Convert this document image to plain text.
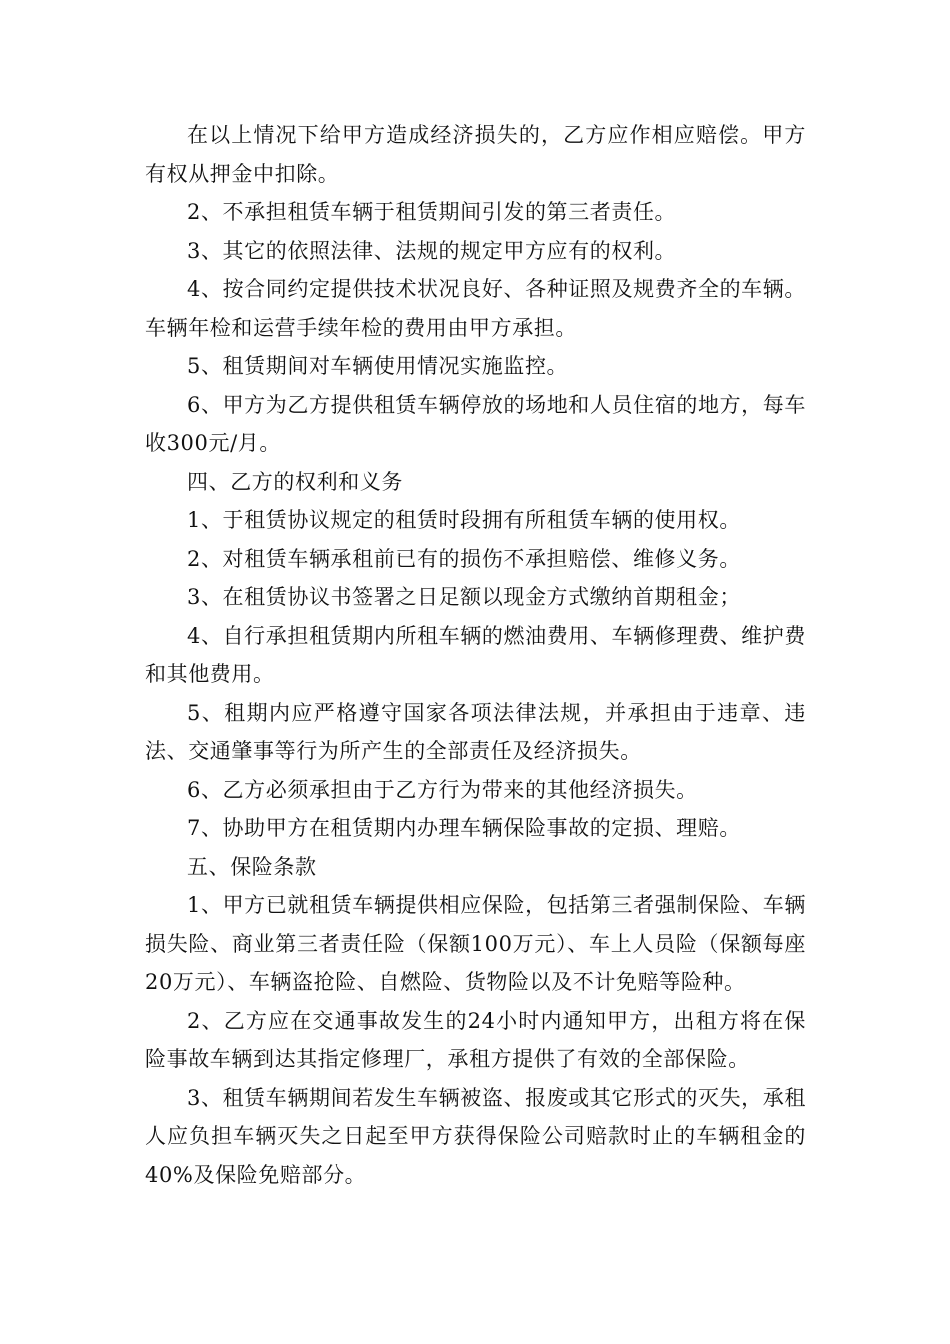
在以上情况下给甲方造成经济损失的，乙方应作相应赔偿。甲方有权从押金中扣除。

2、不承担租赁车辆于租赁期间引发的第三者责任。

3、其它的依照法律、法规的规定甲方应有的权利。

4、按合同约定提供技术状况良好、各种证照及规费齐全的车辆。车辆年检和运营手续年检的费用由甲方承担。

5、租赁期间对车辆使用情况实施监控。

6、甲方为乙方提供租赁车辆停放的场地和人员住宿的地方，每车收300元/月。

四、乙方的权利和义务

1、于租赁协议规定的租赁时段拥有所租赁车辆的使用权。

2、对租赁车辆承租前已有的损伤不承担赔偿、维修义务。

3、在租赁协议书签署之日足额以现金方式缴纳首期租金；

4、自行承担租赁期内所租车辆的燃油费用、车辆修理费、维护费和其他费用。

5、租期内应严格遵守国家各项法律法规，并承担由于违章、违法、交通肇事等行为所产生的全部责任及经济损失。

6、乙方必须承担由于乙方行为带来的其他经济损失。

7、协助甲方在租赁期内办理车辆保险事故的定损、理赔。

五、保险条款

1、甲方已就租赁车辆提供相应保险，包括第三者强制保险、车辆损失险、商业第三者责任险（保额100万元）、车上人员险（保额每座20万元）、车辆盗抢险、自燃险、货物险以及不计免赔等险种。

2、乙方应在交通事故发生的24小时内通知甲方，出租方将在保险事故车辆到达其指定修理厂，承租方提供了有效的全部保险。

3、租赁车辆期间若发生车辆被盗、报废或其它形式的灭失，承租人应负担车辆灭失之日起至甲方获得保险公司赔款时止的车辆租金的40%及保险免赔部分。
